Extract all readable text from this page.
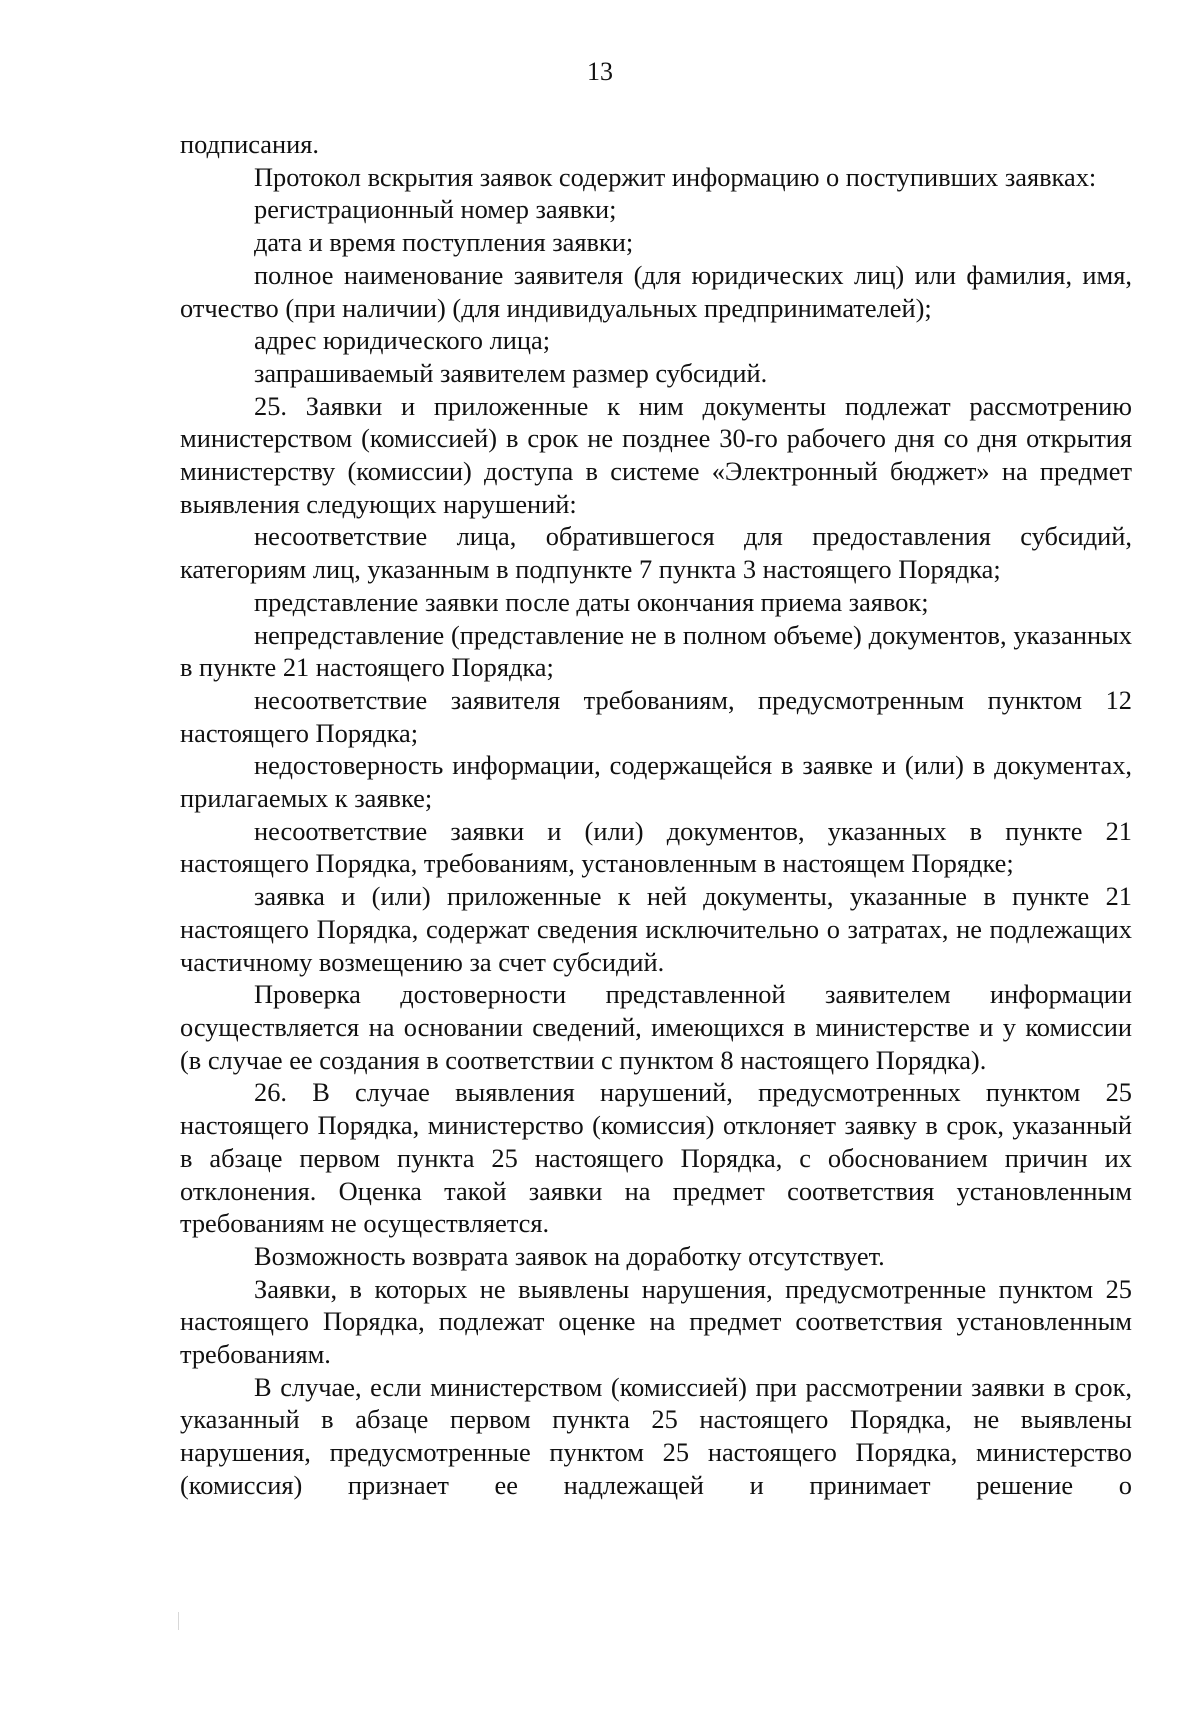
13

подписания.

Протокол вскрытия заявок содержит информацию о поступивших заявках:

регистрационный номер заявки;

дата и время поступления заявки;

полное наименование заявителя (для юридических лиц) или фамилия, имя, отчество (при наличии) (для индивидуальных предпринимателей);

адрес юридического лица;

запрашиваемый заявителем размер субсидий.

25. Заявки и приложенные к ним документы подлежат рассмотрению министерством (комиссией) в срок не позднее 30-го рабочего дня со дня открытия министерству (комиссии) доступа в системе «Электронный бюджет» на предмет выявления следующих нарушений:

несоответствие лица, обратившегося для предоставления субсидий, категориям лиц, указанным в подпункте 7 пункта 3 настоящего Порядка;

представление заявки после даты окончания приема заявок;

непредставление (представление не в полном объеме) документов, указанных в пункте 21 настоящего Порядка;

несоответствие заявителя требованиям, предусмотренным пунктом 12 настоящего Порядка;

недостоверность информации, содержащейся в заявке и (или) в документах, прилагаемых к заявке;

несоответствие заявки и (или) документов, указанных в пункте 21 настоящего Порядка, требованиям, установленным в настоящем Порядке;

заявка и (или) приложенные к ней документы, указанные в пункте 21 настоящего Порядка, содержат сведения исключительно о затратах, не подлежащих частичному возмещению за счет субсидий.

Проверка достоверности представленной заявителем информации осуществляется на основании сведений, имеющихся в министерстве и у комиссии (в случае ее создания в соответствии с пунктом 8 настоящего Порядка).

26. В случае выявления нарушений, предусмотренных пунктом 25 настоящего Порядка, министерство (комиссия) отклоняет заявку в срок, указанный в абзаце первом пункта 25 настоящего Порядка, с обоснованием причин их отклонения. Оценка такой заявки на предмет соответствия установленным требованиям не осуществляется.

Возможность возврата заявок на доработку отсутствует.

Заявки, в которых не выявлены нарушения, предусмотренные пунктом 25 настоящего Порядка, подлежат оценке на предмет соответствия установленным требованиям.

В случае, если министерством (комиссией) при рассмотрении заявки в срок, указанный в абзаце первом пункта 25 настоящего Порядка, не выявлены нарушения, предусмотренные пунктом 25 настоящего Порядка, министерство (комиссия) признает ее надлежащей и принимает решение о
